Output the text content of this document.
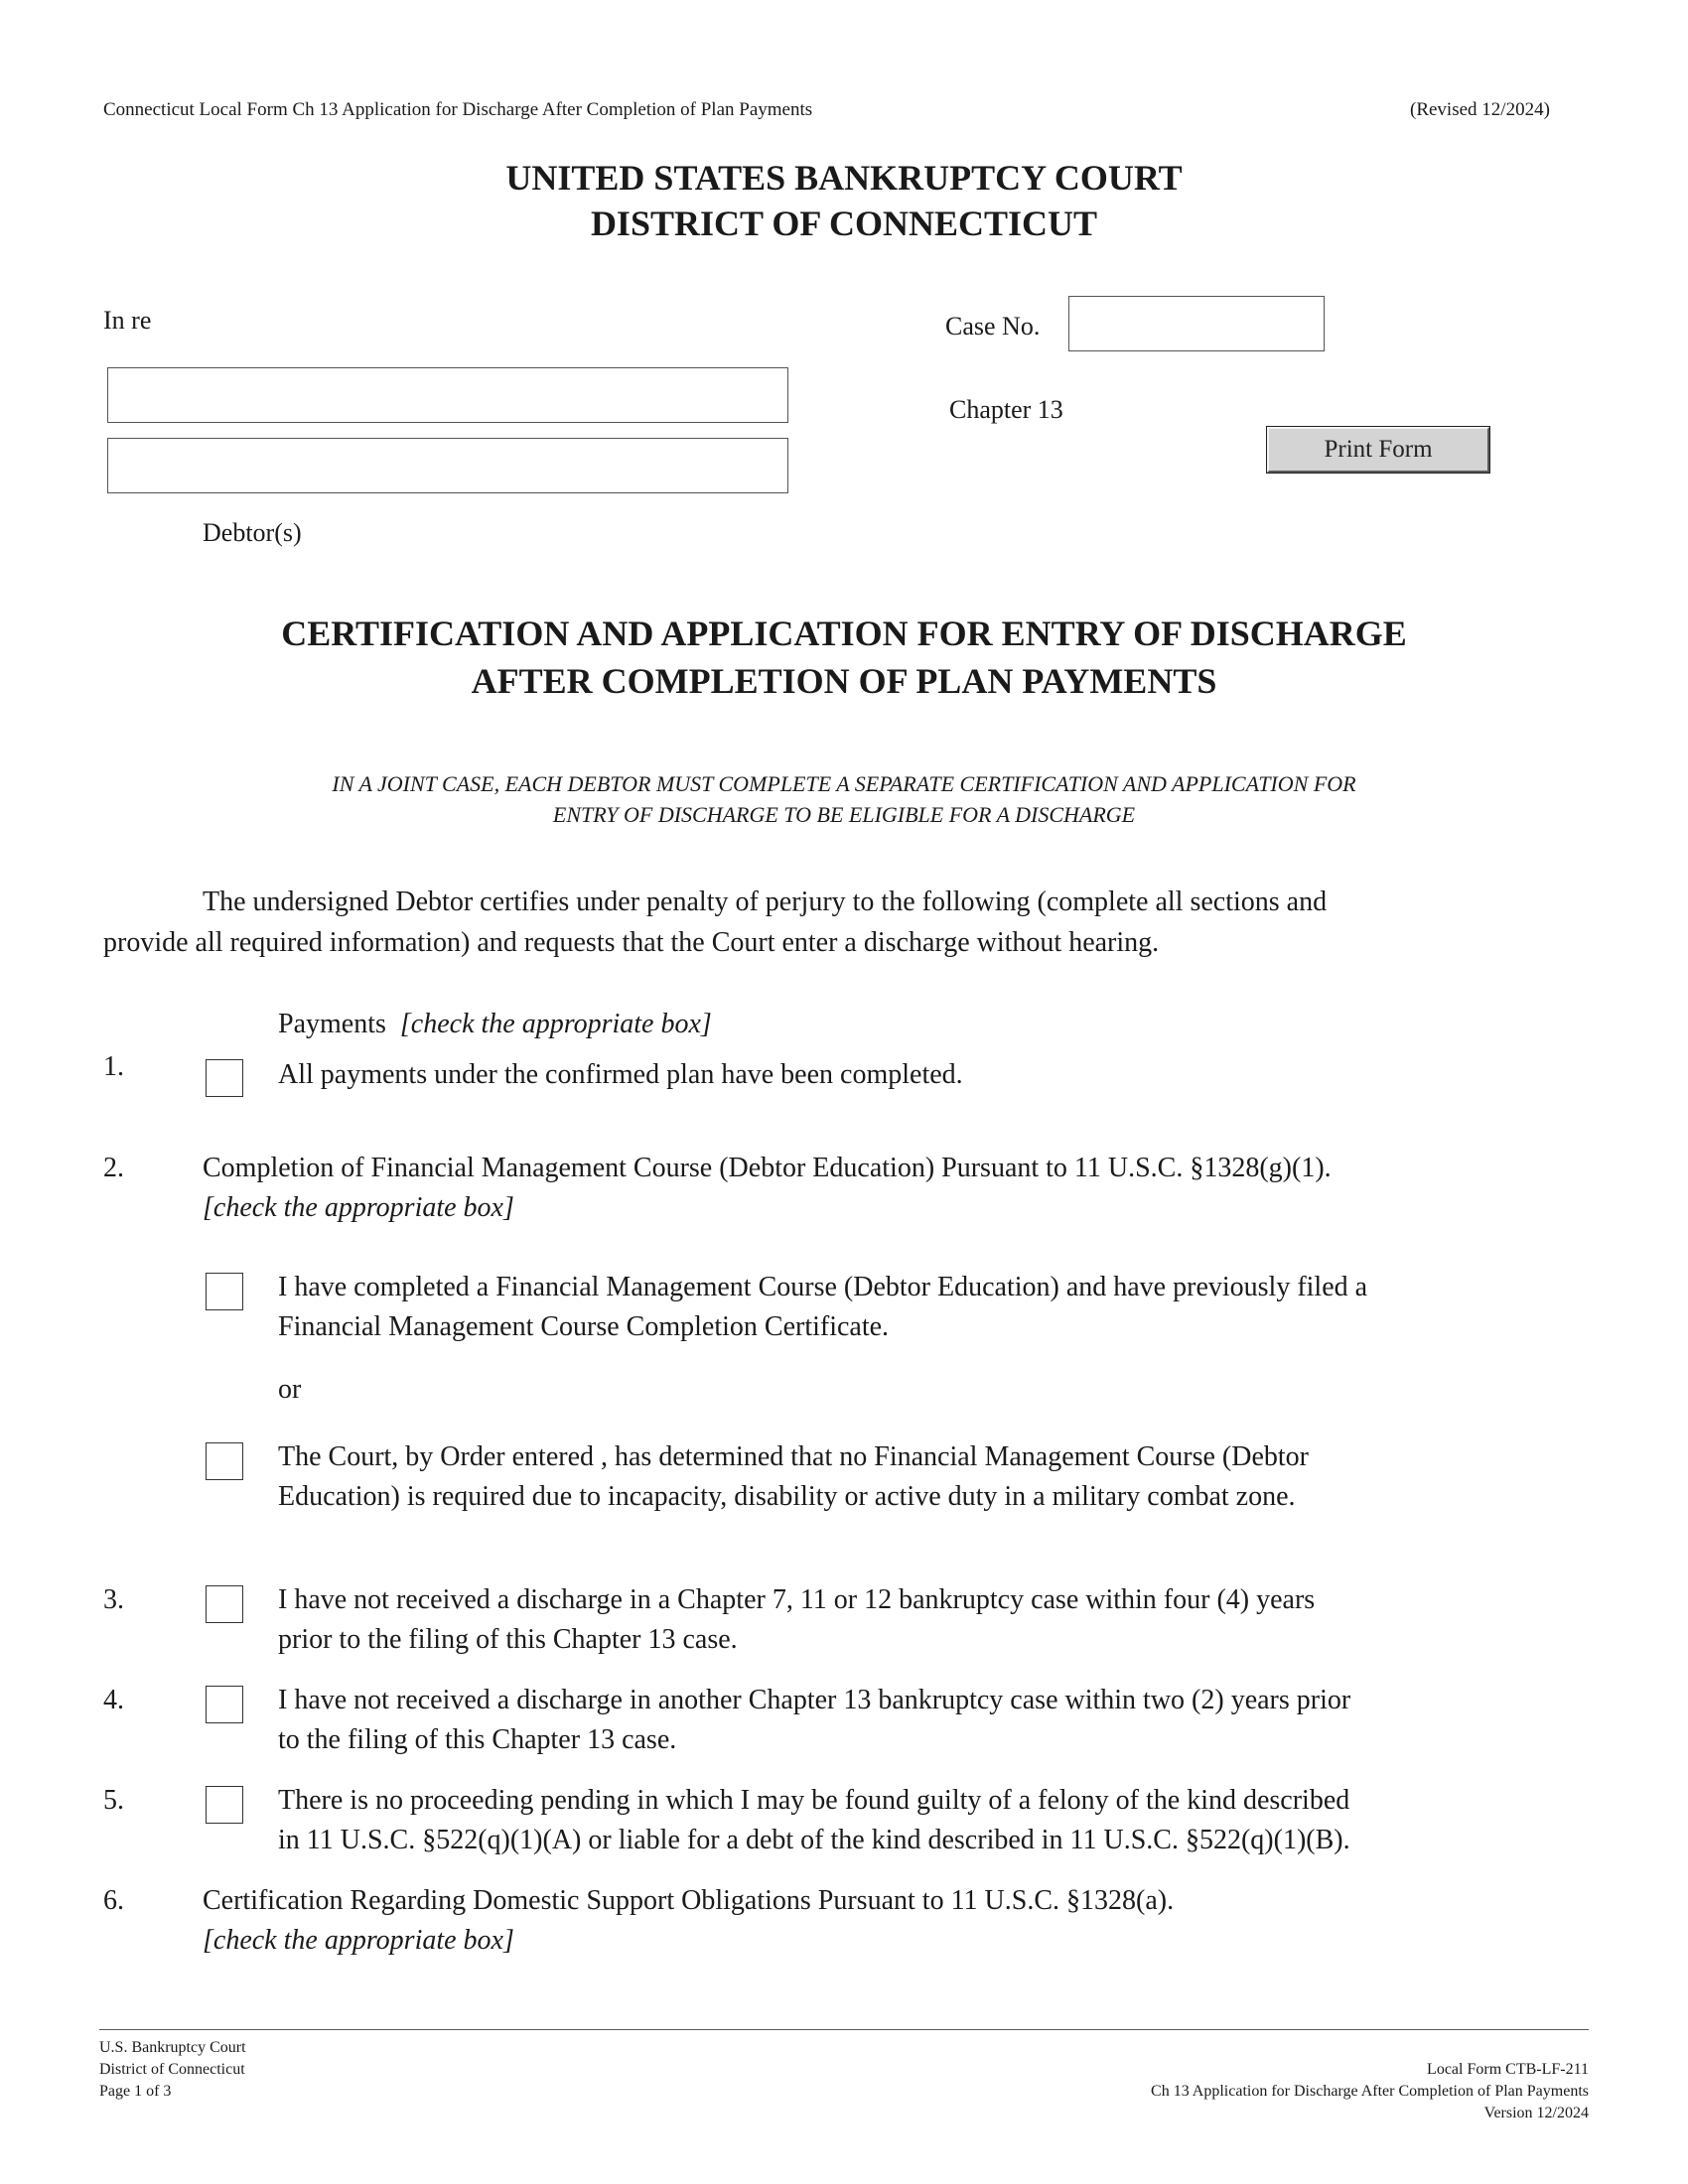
Connecticut Local Form Ch 13 Application for Discharge After Completion of Plan Payments	(Revised 12/2024)
UNITED STATES BANKRUPTCY COURT
DISTRICT OF CONNECTICUT
In re
Debtor(s)
Case No.
Chapter 13
Print Form
CERTIFICATION AND APPLICATION FOR ENTRY OF DISCHARGE
AFTER COMPLETION OF PLAN PAYMENTS
IN A JOINT CASE, EACH DEBTOR MUST COMPLETE A SEPARATE CERTIFICATION AND APPLICATION FOR
ENTRY OF DISCHARGE TO BE ELIGIBLE FOR A DISCHARGE
The undersigned Debtor certifies under penalty of perjury to the following (complete all sections and
provide all required information) and requests that the Court enter a discharge without hearing.
Payments [check the appropriate box]
1.	All payments under the confirmed plan have been completed.
2.	Completion of Financial Management Course (Debtor Education) Pursuant to 11 U.S.C. §1328(g)(1).
[check the appropriate box]
I have completed a Financial Management Course (Debtor Education) and have previously filed a
Financial Management Course Completion Certificate.
or
The Court, by Order entered , has determined that no Financial Management Course (Debtor
Education) is required due to incapacity, disability or active duty in a military combat zone.
3.	I have not received a discharge in a Chapter 7, 11 or 12 bankruptcy case within four (4) years
prior to the filing of this Chapter 13 case.
4.	I have not received a discharge in another Chapter 13 bankruptcy case within two (2) years prior
to the filing of this Chapter 13 case.
5.	There is no proceeding pending in which I may be found guilty of a felony of the kind described
in 11 U.S.C. §522(q)(1)(A) or liable for a debt of the kind described in 11 U.S.C. §522(q)(1)(B).
6.	Certification Regarding Domestic Support Obligations Pursuant to 11 U.S.C. §1328(a).
[check the appropriate box]
U.S. Bankruptcy Court
District of Connecticut
Page 1 of 3
Local Form CTB-LF-211
Ch 13 Application for Discharge After Completion of Plan Payments
Version 12/2024
